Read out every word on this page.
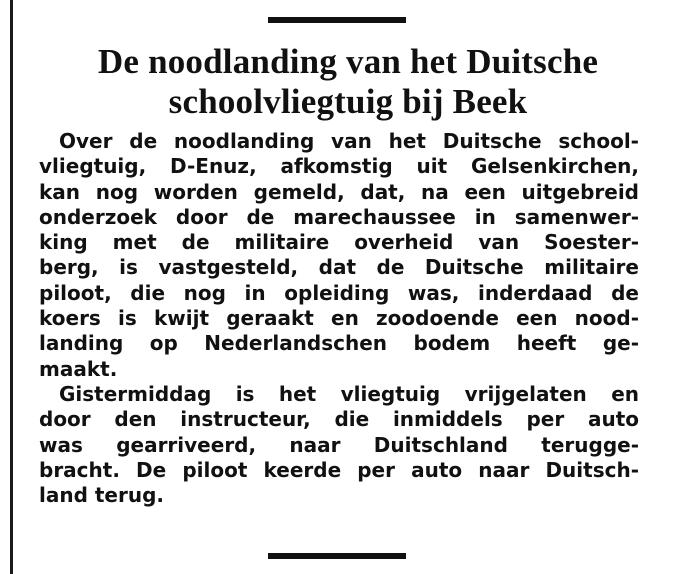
De noodlanding van het Duitsche
schoolvliegtuig bij Beek
Over de noodlanding van het Duitsche school-
vliegtuig, D-Enuz, afkomstig uit Gelsenkirchen,
kan nog worden gemeld, dat, na een uitgebreid
onderzoek door de marechaussee in samenwer-
king met de militaire overheid van Soester-
berg, is vastgesteld, dat de Duitsche militaire
piloot, die nog in opleiding was, inderdaad de
koers is kwijt geraakt en zoodoende een nood-
landing op Nederlandschen bodem heeft ge-
maakt.
Gistermiddag is het vliegtuig vrijgelaten en
door den instructeur, die inmiddels per auto
was gearriveerd, naar Duitschland terugge-
bracht. De piloot keerde per auto naar Duitsch-
land terug.
